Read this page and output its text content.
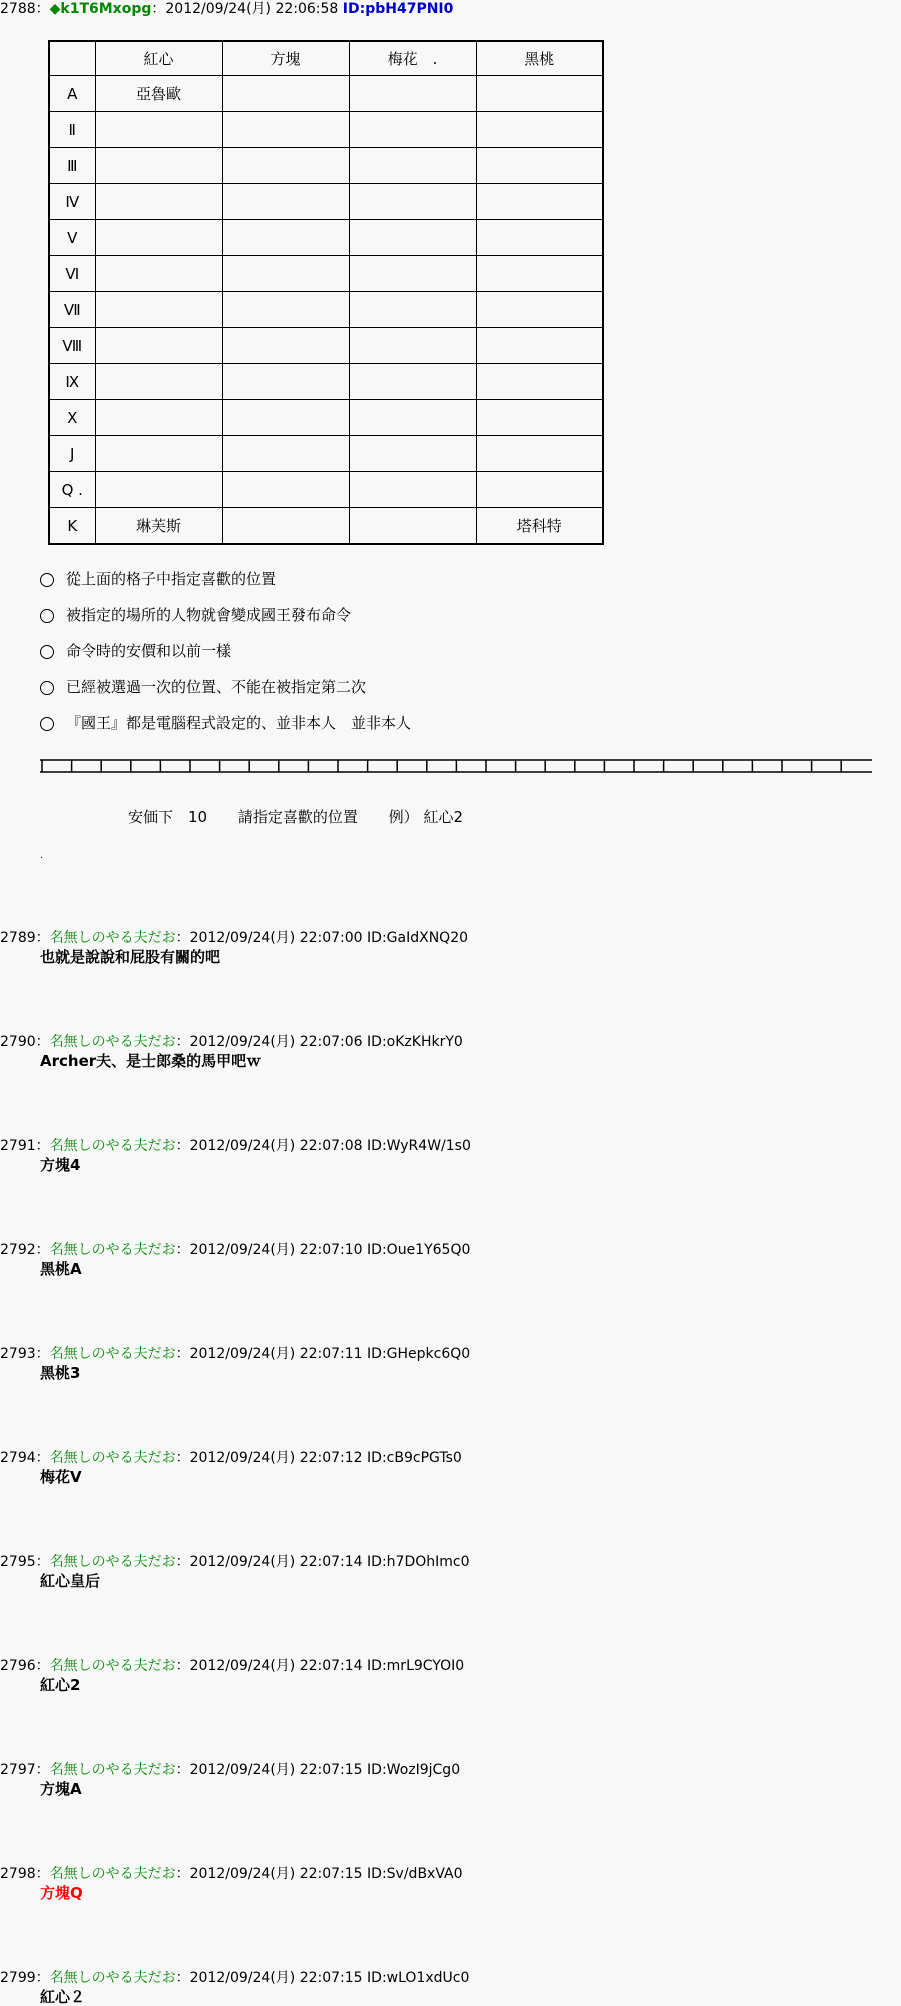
2788：◆k1T6Mxopg：2012/09/24(月) 22:06:58 ID:pbH47PNI0
	紅心	方塊	梅花　.	黑桃
A	亞魯歐			
Ⅱ				
Ⅲ				
Ⅳ				
Ⅴ				
Ⅵ				
Ⅶ				
Ⅷ				
Ⅸ				
Ⅹ				
J				
Q .				
K	琳芙斯			塔科特
從上面的格子中指定喜歡的位置
被指定的場所的人物就會變成國王發布命令
命令時的安價和以前一樣
已經被選過一次的位置、不能在被指定第二次
『國王』都是電腦程式設定的、並非本人　並非本人
安価下　10 請指定喜歡的位置 例） 紅心2
.
2789：名無しのやる夫だお：2012/09/24(月) 22:07:00 ID:GaIdXNQ20
也就是說說和屁股有關的吧
2790：名無しのやる夫だお：2012/09/24(月) 22:07:06 ID:oKzKHkrY0
Archer夫、是士郎桑的馬甲吧ｗ
2791：名無しのやる夫だお：2012/09/24(月) 22:07:08 ID:WyR4W/1s0
方塊4
2792：名無しのやる夫だお：2012/09/24(月) 22:07:10 ID:Oue1Y65Q0
黑桃A
2793：名無しのやる夫だお：2012/09/24(月) 22:07:11 ID:GHepkc6Q0
黑桃3
2794：名無しのやる夫だお：2012/09/24(月) 22:07:12 ID:cB9cPGTs0
梅花Ⅴ
2795：名無しのやる夫だお：2012/09/24(月) 22:07:14 ID:h7DOhImc0
紅心皇后
2796：名無しのやる夫だお：2012/09/24(月) 22:07:14 ID:mrL9CYOI0
紅心2
2797：名無しのやる夫だお：2012/09/24(月) 22:07:15 ID:WozI9jCg0
方塊A
2798：名無しのやる夫だお：2012/09/24(月) 22:07:15 ID:Sv/dBxVA0
方塊Q
2799：名無しのやる夫だお：2012/09/24(月) 22:07:15 ID:wLO1xdUc0
紅心２
